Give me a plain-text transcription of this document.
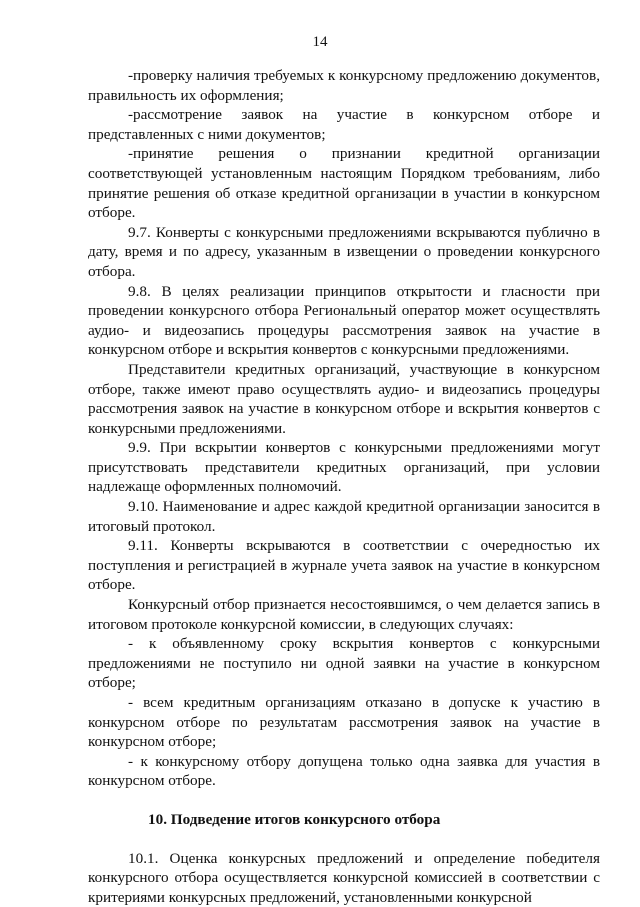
14

-проверку наличия требуемых к конкурсному предложению документов, правильность их оформления;

-рассмотрение заявок на участие в конкурсном отборе и представленных с ними документов;

-принятие решения о признании кредитной организации соответствующей установленным настоящим Порядком требованиям, либо принятие решения об отказе кредитной организации в участии в конкурсном отборе.

9.7. Конверты с конкурсными предложениями вскрываются публично в дату, время и по адресу, указанным в извещении о проведении конкурсного отбора.

9.8. В целях реализации принципов открытости и гласности при проведении конкурсного отбора Региональный оператор может осуществлять аудио- и видеозапись процедуры рассмотрения заявок на участие в конкурсном отборе и вскрытия конвертов с конкурсными предложениями.

Представители кредитных организаций, участвующие в конкурсном отборе, также имеют право осуществлять аудио- и видеозапись процедуры рассмотрения заявок на участие в конкурсном отборе и вскрытия конвертов с конкурсными предложениями.

9.9. При вскрытии конвертов с конкурсными предложениями могут присутствовать представители кредитных организаций, при условии надлежаще оформленных полномочий.

9.10. Наименование и адрес каждой кредитной организации заносится в итоговый протокол.

9.11. Конверты вскрываются в соответствии с очередностью их поступления и регистрацией в журнале учета заявок на участие в конкурсном отборе.

Конкурсный отбор признается несостоявшимся, о чем делается запись в итоговом протоколе конкурсной комиссии, в следующих случаях:

- к объявленному сроку вскрытия конвертов с конкурсными предложениями не поступило ни одной заявки на участие в конкурсном отборе;

- всем кредитным организациям отказано в допуске к участию в конкурсном отборе по результатам рассмотрения заявок на участие в конкурсном отборе;

- к конкурсному отбору допущена только одна заявка для участия в конкурсном отборе.

10. Подведение итогов конкурсного отбора

10.1. Оценка конкурсных предложений и определение победителя конкурсного отбора осуществляется конкурсной комиссией в соответствии с критериями конкурсных предложений, установленными конкурсной
